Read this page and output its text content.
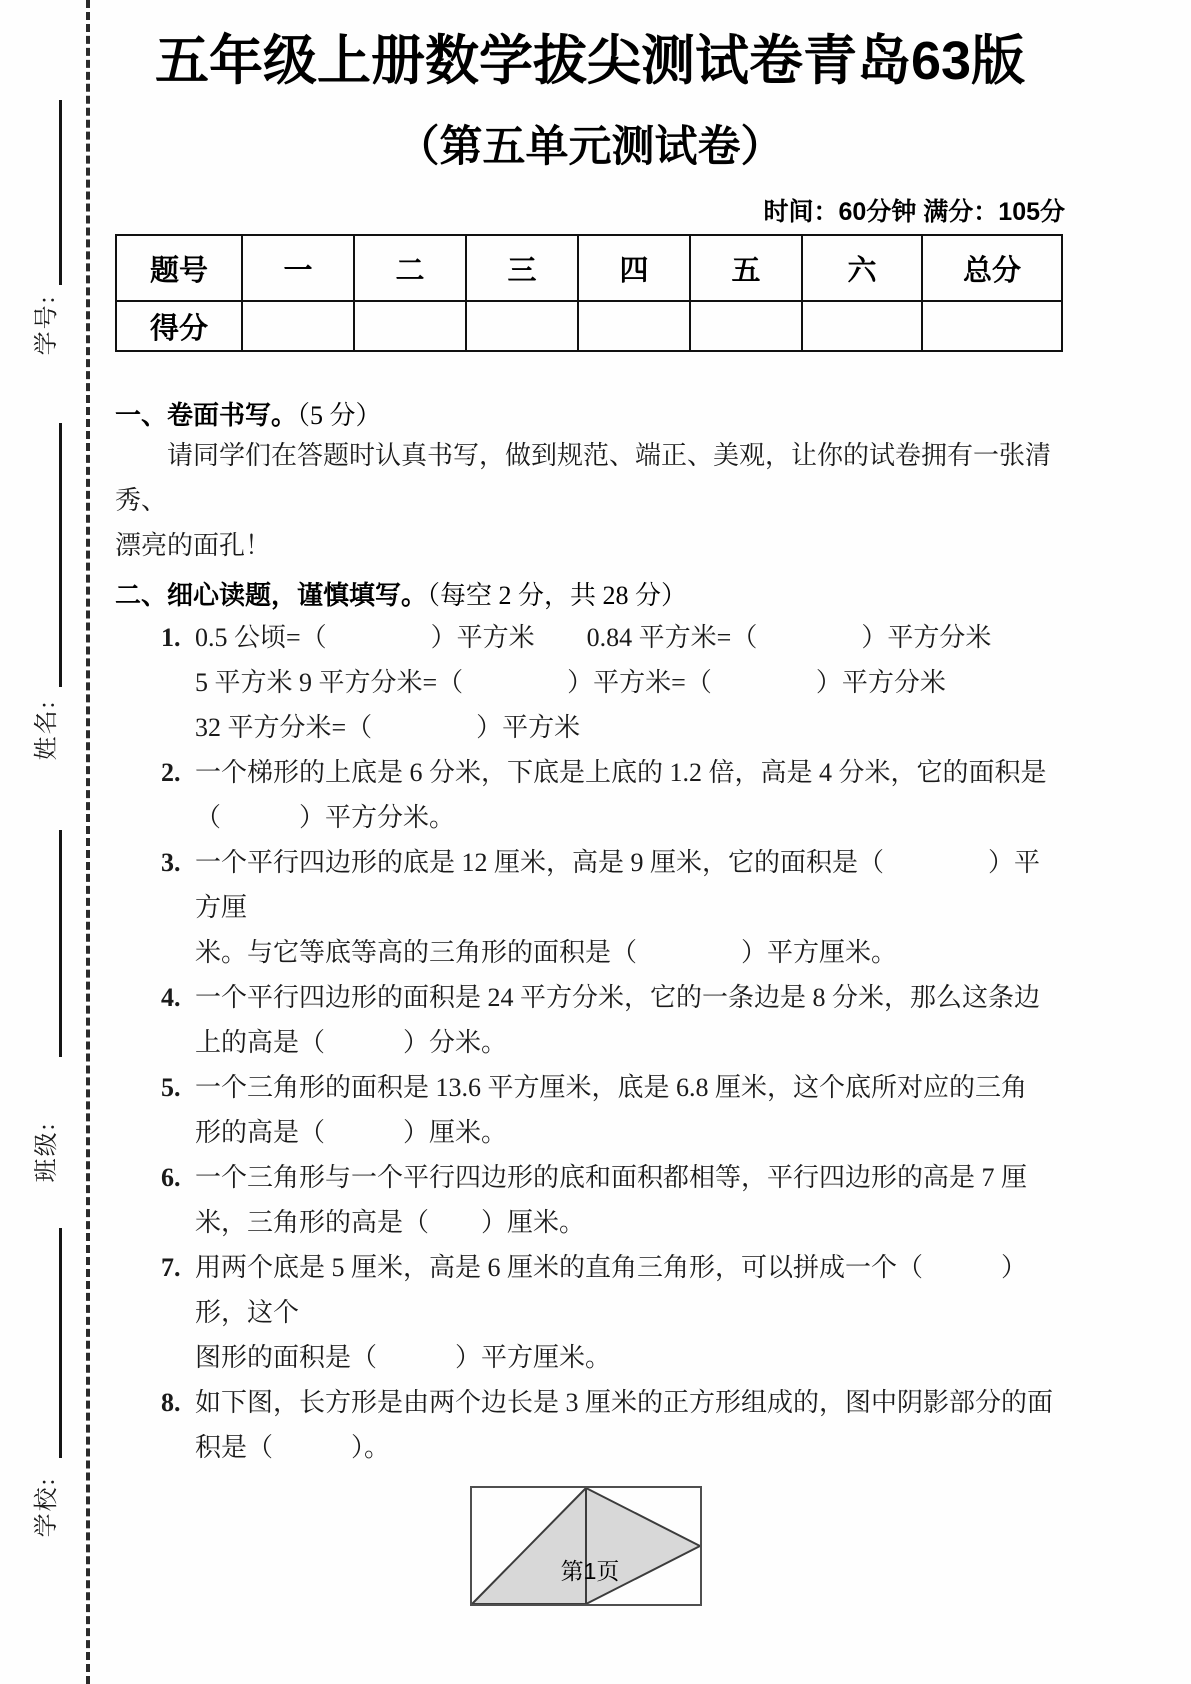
学号:
姓名:
班级:
学校:
五年级上册数学拔尖测试卷青岛63版
（第五单元测试卷）
时间：60分钟 满分：105分
题号	一	二	三	四	五	六	总分
得分							
一、卷面书写。（5 分）
请同学们在答题时认真书写，做到规范、端正、美观，让你的试卷拥有一张清秀、
漂亮的面孔！
二、细心读题，谨慎填写。（每空 2 分，共 28 分）
1. 0.5 公顷=（　　　　）平方米　　0.84 平方米=（　　　　）平方分米
5 平方米 9 平方分米=（　　　　）平方米=（　　　　）平方分米
32 平方分米=（　　　　）平方米
2. 一个梯形的上底是 6 分米，下底是上底的 1.2 倍，高是 4 分米，它的面积是
（　　　）平方分米。
3. 一个平行四边形的底是 12 厘米，高是 9 厘米，它的面积是（　　　　）平方厘
米。与它等底等高的三角形的面积是（　　　　）平方厘米。
4. 一个平行四边形的面积是 24 平方分米，它的一条边是 8 分米，那么这条边
上的高是（　　　）分米。
5. 一个三角形的面积是 13.6 平方厘米，底是 6.8 厘米，这个底所对应的三角
形的高是（　　　）厘米。
6. 一个三角形与一个平行四边形的底和面积都相等，平行四边形的高是 7 厘
米，三角形的高是（　　）厘米。
7. 用两个底是 5 厘米，高是 6 厘米的直角三角形，可以拼成一个（　　　）形，这个
图形的面积是（　　　）平方厘米。
8. 如下图，长方形是由两个边长是 3 厘米的正方形组成的，图中阴影部分的面
积是（　　　）。
第1页
